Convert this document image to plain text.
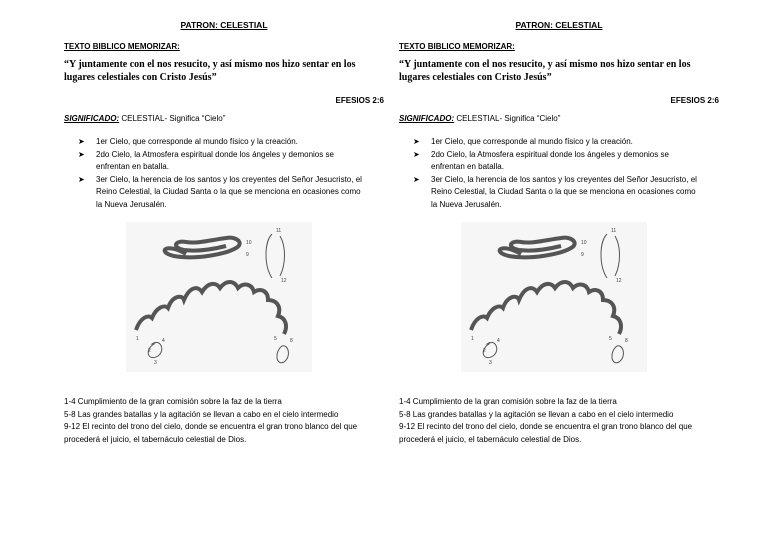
PATRON: CELESTIAL
TEXTO BIBLICO MEMORIZAR:
“Y juntamente con el nos resucito, y así mismo nos hizo sentar en los lugares celestiales con Cristo Jesús”
EFESIOS 2:6
SIGNIFICADO: CELESTIAL- Significa “Cielo”
➤ 1er Cielo, que corresponde al mundo físico y la creación.
➤ 2do Cielo, la Atmosfera espiritual donde los ángeles y demonios se enfrentan en batalla.
➤ 3er Cielo, la herencia de los santos y los creyentes del Señor Jesucristo, el Reino Celestial, la Ciudad Santa o la que se menciona en ocasiones como la Nueva Jerusalén.
10
9
11
12
1
2
4
3
5	8

1-4 Cumplimiento de la gran comisión sobre la faz de la tierra

5-8 Las grandes batallas y la agitación se llevan a cabo en el cielo intermedio

9-12 El recinto del trono del cielo, donde se encuentra el gran trono blanco del que procederá el juicio, el tabernáculo celestial de Dios.

PATRON: CELESTIAL
TEXTO BIBLICO MEMORIZAR:
“Y juntamente con el nos resucito, y así mismo nos hizo sentar en los lugares celestiales con Cristo Jesús”
EFESIOS 2:6
SIGNIFICADO: CELESTIAL- Significa “Cielo”
➤ 1er Cielo, que corresponde al mundo físico y la creación.
➤ 2do Cielo, la Atmosfera espiritual donde los ángeles y demonios se enfrentan en batalla.
➤ 3er Cielo, la herencia de los santos y los creyentes del Señor Jesucristo, el Reino Celestial, la Ciudad Santa o la que se menciona en ocasiones como la Nueva Jerusalén.
10
9
11
12
1
2
4
3
5	8

1-4 Cumplimiento de la gran comisión sobre la faz de la tierra

5-8 Las grandes batallas y la agitación se llevan a cabo en el cielo intermedio

9-12 El recinto del trono del cielo, donde se encuentra el gran trono blanco del que procederá el juicio, el tabernáculo celestial de Dios.
